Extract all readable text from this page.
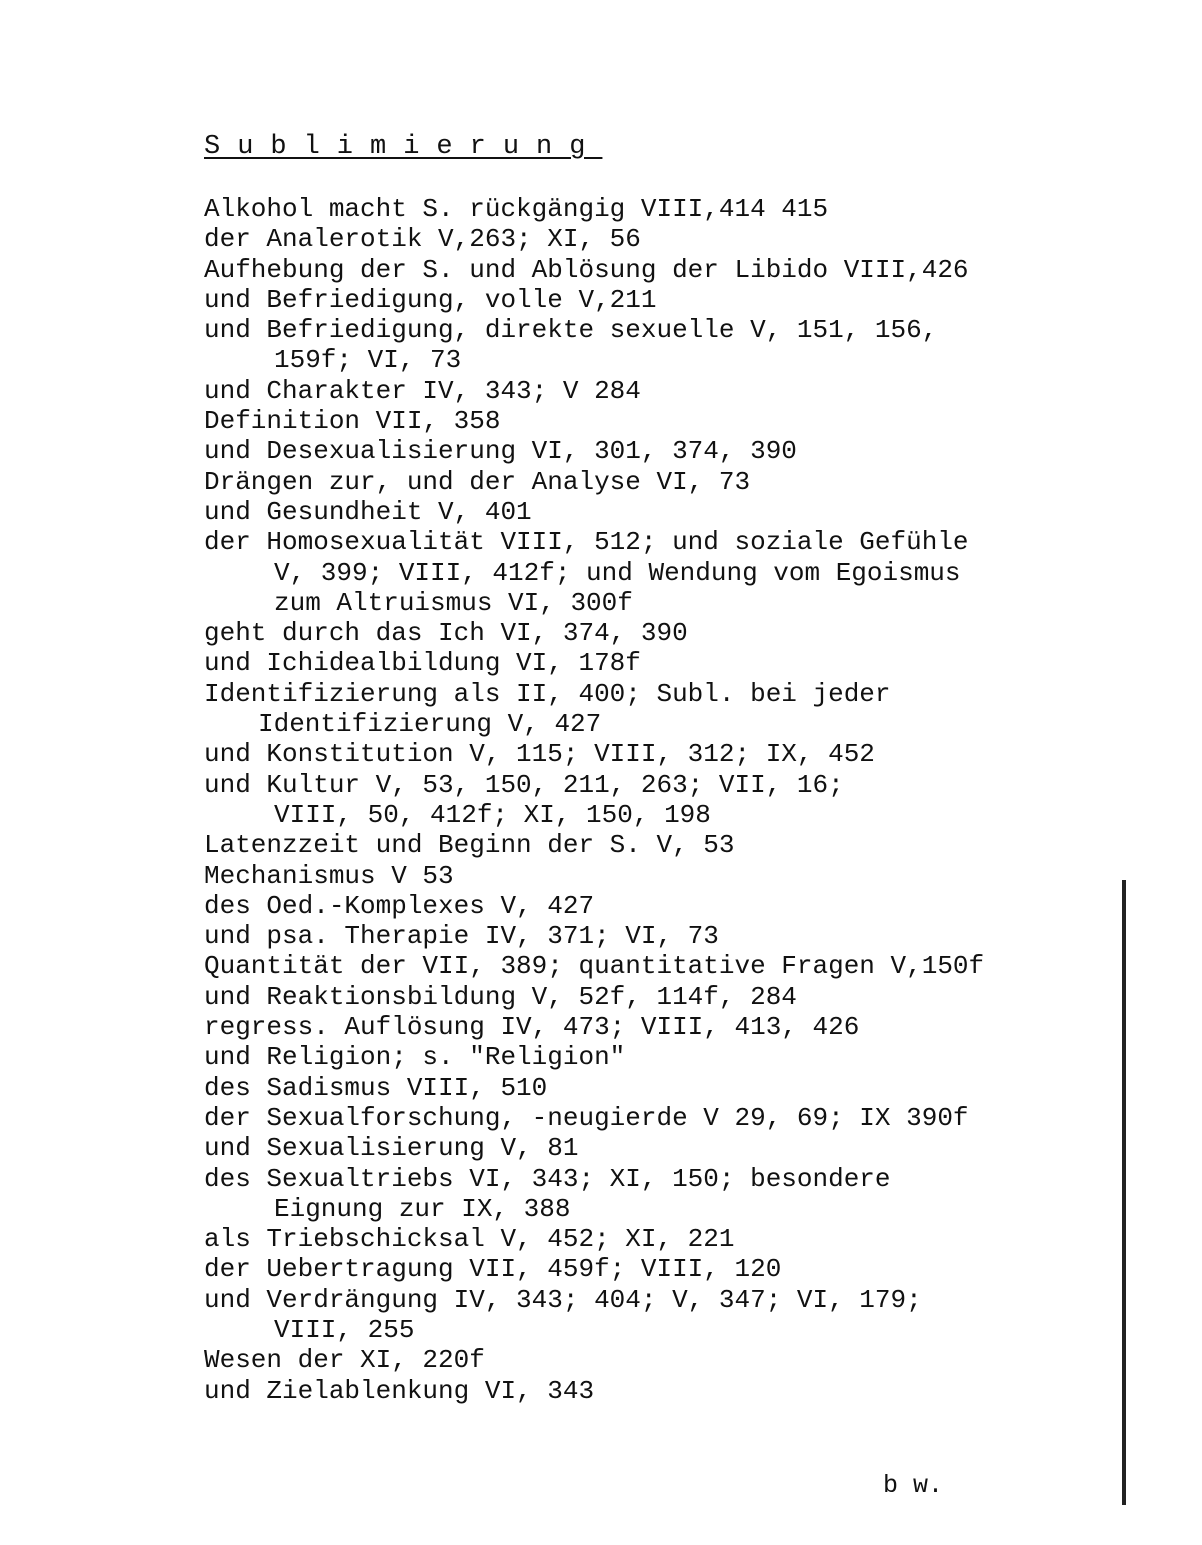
Sublimierung
Alkohol macht S. rückgängig VIII,414 415
der Analerotik V,263; XI, 56
Aufhebung der S. und Ablösung der Libido VIII,426
und Befriedigung, volle V,211
und Befriedigung, direkte sexuelle V, 151, 156,
159f; VI, 73
und Charakter IV, 343; V 284
Definition VII, 358
und Desexualisierung VI, 301, 374, 390
Drängen zur, und der Analyse VI, 73
und Gesundheit V, 401
der Homosexualität VIII, 512; und soziale Gefühle
V, 399; VIII, 412f; und Wendung vom Egoismus
zum Altruismus VI, 300f
geht durch das Ich VI, 374, 390
und Ichidealbildung VI, 178f
Identifizierung als II, 400; Subl. bei jeder
Identifizierung V, 427
und Konstitution V, 115; VIII, 312; IX, 452
und Kultur V, 53, 150, 211, 263; VII, 16;
VIII, 50, 412f; XI, 150, 198
Latenzzeit und Beginn der S. V, 53
Mechanismus V 53
des Oed.-Komplexes V, 427
und psa. Therapie IV, 371; VI, 73
Quantität der VII, 389; quantitative Fragen V,150f
und Reaktionsbildung V, 52f, 114f, 284
regress. Auflösung IV, 473; VIII, 413, 426
und Religion; s. "Religion"
des Sadismus VIII, 510
der Sexualforschung, -neugierde V 29, 69; IX 390f
und Sexualisierung V, 81
des Sexualtriebs VI, 343; XI, 150; besondere
Eignung zur IX, 388
als Triebschicksal V, 452; XI, 221
der Uebertragung VII, 459f; VIII, 120
und Verdrängung IV, 343; 404; V, 347; VI, 179;
VIII, 255
Wesen der XI, 220f
und Zielablenkung VI, 343
b w.
